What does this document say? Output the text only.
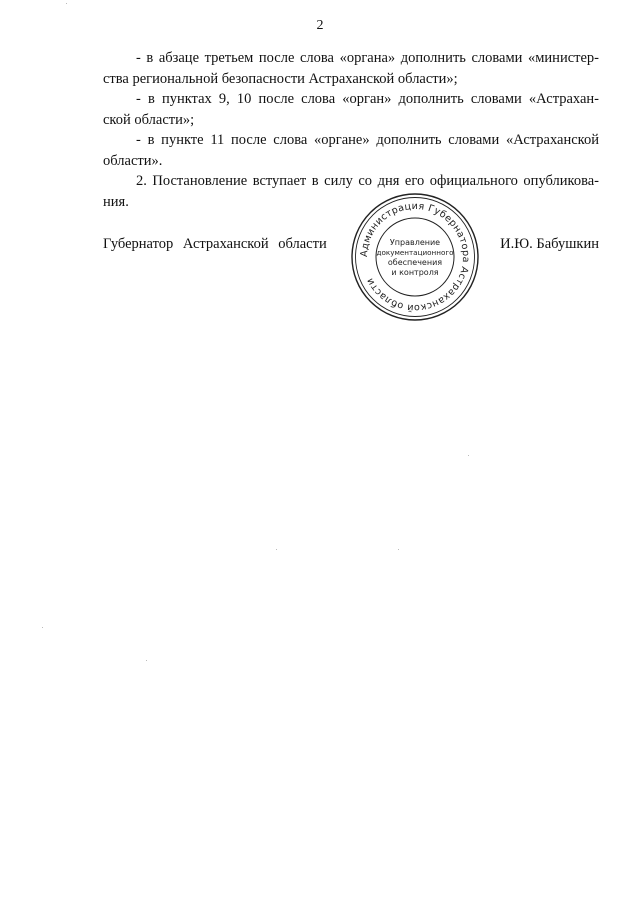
2

- в абзаце третьем после слова «органа» дополнить словами «министер-

ства региональной безопасности Астраханской области»;

- в пунктах 9, 10 после слова «орган» дополнить словами «Астрахан-

ской области»;

- в пункте 11 после слова «органе» дополнить словами «Астраханской

области».

2. Постановление вступает в силу со дня его официального опубликова-

ния.

Губернатор Астраханской области	И.Ю. Бабушкин
Администрация Губернатора Астраханской области
Управление
документационного
обеспечения
и контроля
